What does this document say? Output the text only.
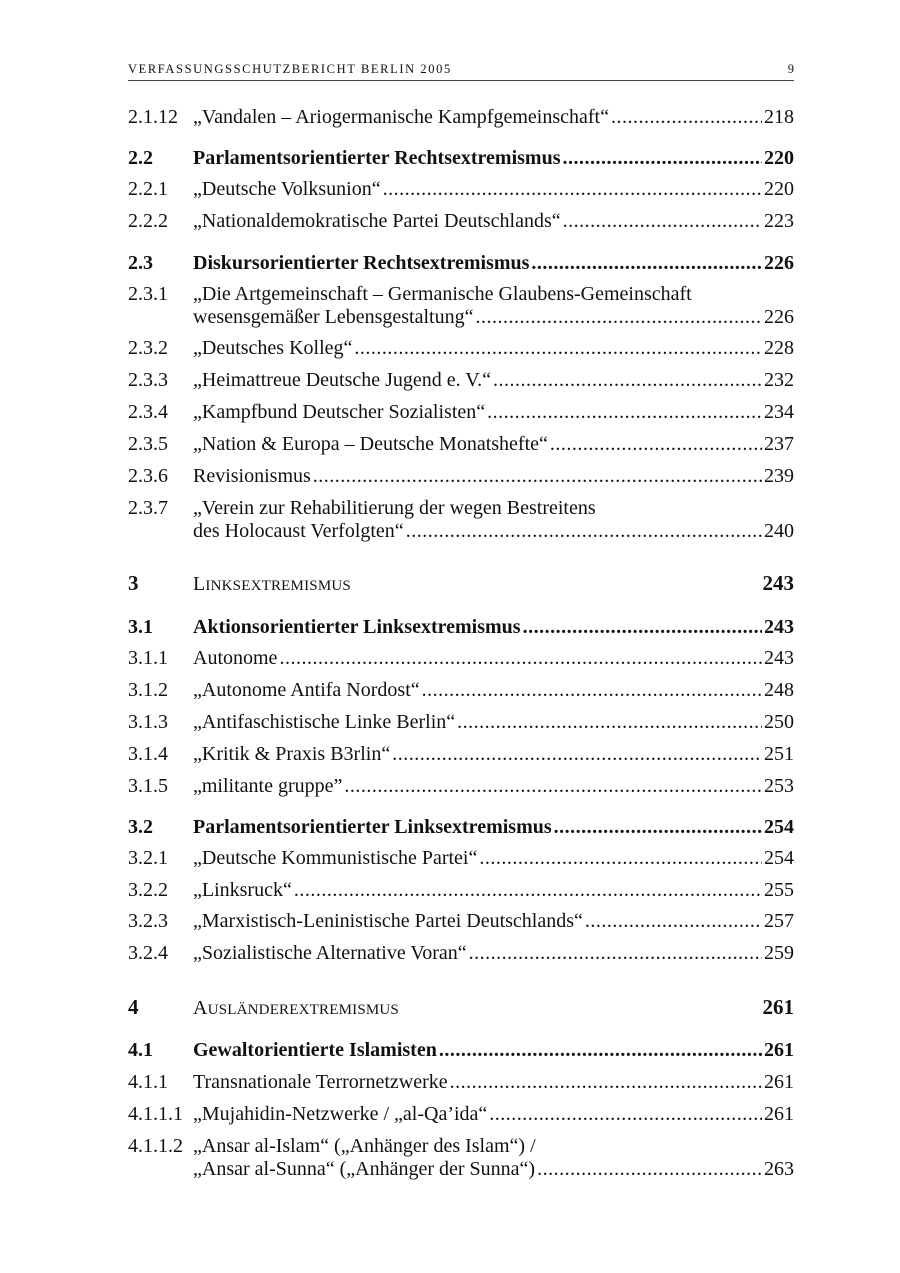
VERFASSUNGSSCHUTZBERICHT BERLIN 2005	9
2.1.12 „Vandalen – Ariogermanische Kampfgemeinschaft“ .....	218
2.2 Parlamentsorientierter Rechtsextremismus .....	220
2.2.1 „Deutsche Volksunion“ .....	220
2.2.2 „Nationaldemokratische Partei Deutschlands“ .....	223
2.3 Diskursorientierter Rechtsextremismus .....	226
2.3.1 „Die Artgemeinschaft – Germanische Glaubens-Gemeinschaft
wesensgemäßer Lebensgestaltung“ .....	226
2.3.2 „Deutsches Kolleg“ .....	228
2.3.3 „Heimattreue Deutsche Jugend e. V.“ .....	232
2.3.4 „Kampfbund Deutscher Sozialisten“ .....	234
2.3.5 „Nation & Europa – Deutsche Monatshefte“ .....	237
2.3.6 Revisionismus .....	239
2.3.7 „Verein zur Rehabilitierung der wegen Bestreitens
des Holocaust Verfolgten“ .....	240
3	LINKSEXTREMISMUS	243
3.1 Aktionsorientierter Linksextremismus .....	243
3.1.1 Autonome .....	243
3.1.2 „Autonome Antifa Nordost“ .....	248
3.1.3 „Antifaschistische Linke Berlin“ .....	250
3.1.4 „Kritik & Praxis B3rlin“ .....	251
3.1.5 „militante gruppe” .....	253
3.2 Parlamentsorientierter Linksextremismus .....	254
3.2.1 „Deutsche Kommunistische Partei“ .....	254
3.2.2 „Linksruck“ .....	255
3.2.3 „Marxistisch-Leninistische Partei Deutschlands“ .....	257
3.2.4 „Sozialistische Alternative Voran“ .....	259
4	AUSLÄNDEREXTREMISMUS	261
4.1 Gewaltorientierte Islamisten .....	261
4.1.1 Transnationale Terrornetzwerke .....	261
4.1.1.1 „Mujahidin-Netzwerke / „al-Qa’ida“ .....	261
4.1.1.2 „Ansar al-Islam“ („Anhänger des Islam“) /
„Ansar al-Sunna“ („Anhänger der Sunna“) .....	263
